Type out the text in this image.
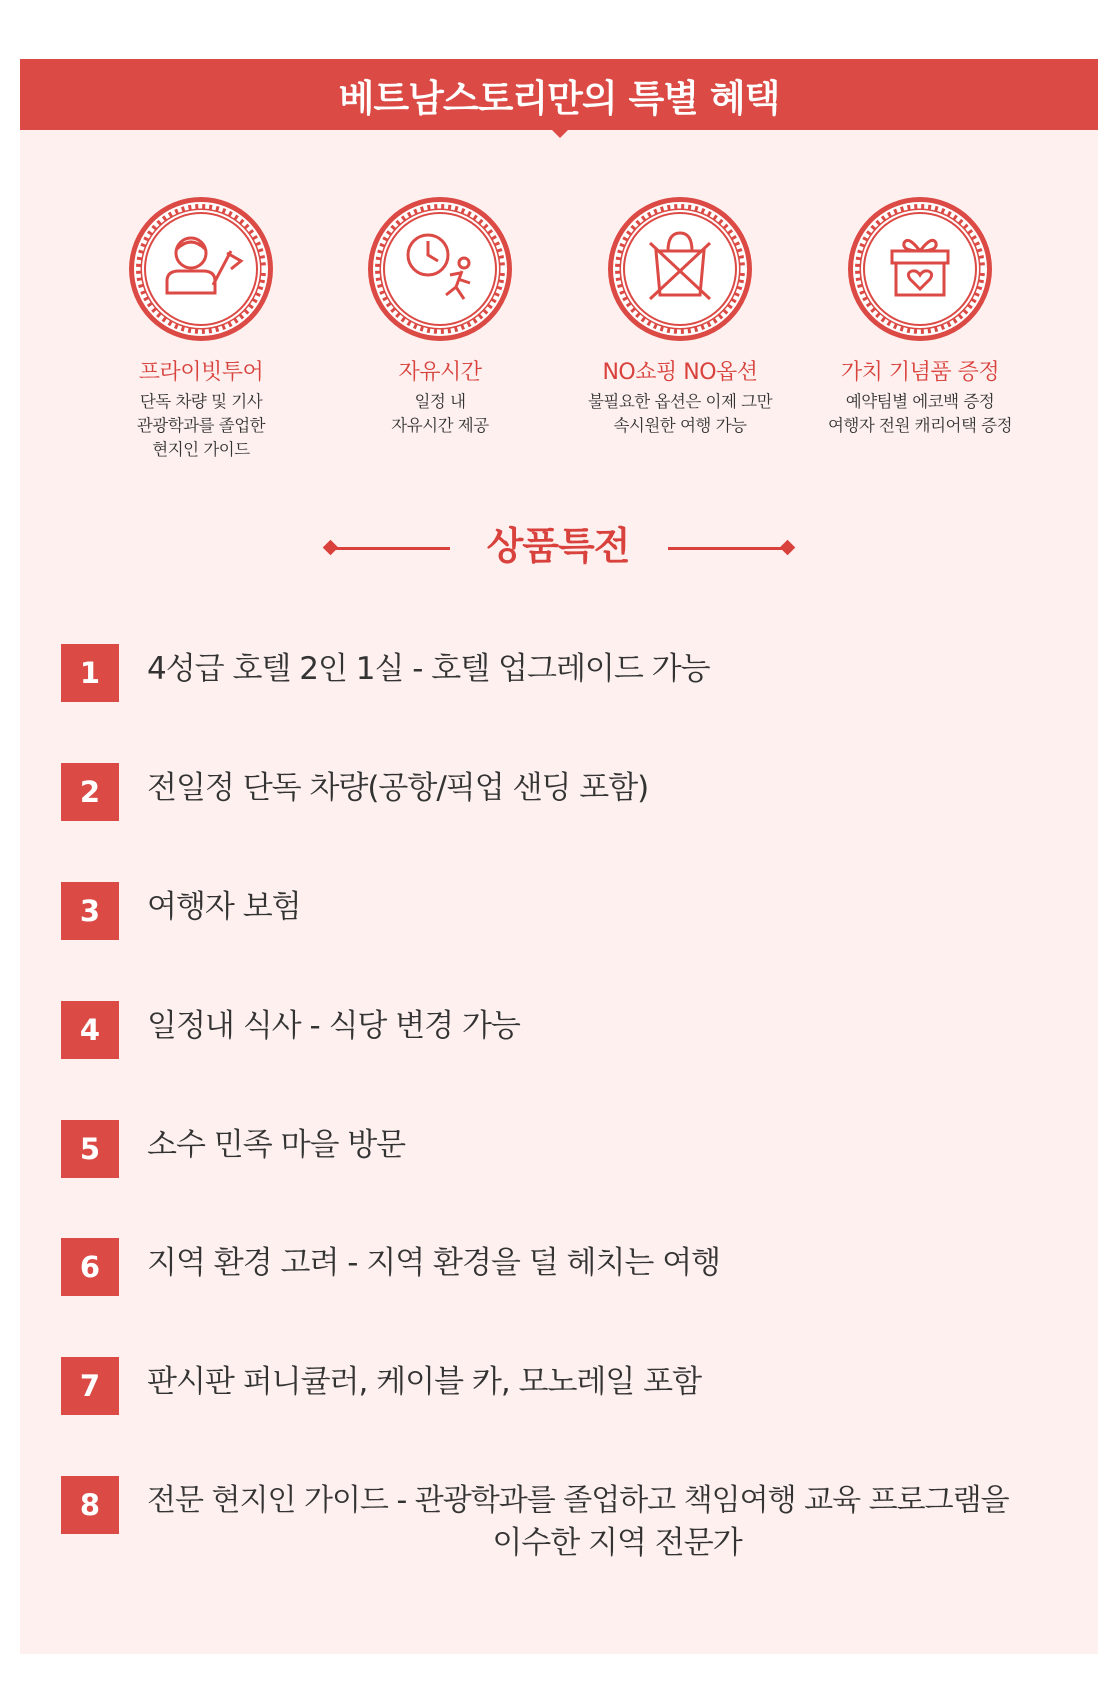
베트남스토리만의 특별 혜택
프라이빗투어
단독 차량 및 기사
관광학과를 졸업한
현지인 가이드
자유시간
일정 내
자유시간 제공
NO쇼핑 NO옵션
불필요한 옵션은 이제 그만
속시원한 여행 가능
가치 기념품 증정
예약팀별 에코백 증정
여행자 전원 캐리어택 증정
상품특전
1	4성급 호텔 2인 1실 - 호텔 업그레이드 가능
2	전일정 단독 차량(공항/픽업 샌딩 포함)
3	여행자 보험
4	일정내 식사 - 식당 변경 가능
5	소수 민족 마을 방문
6	지역 환경 고려 - 지역 환경을 덜 헤치는 여행
7	판시판 퍼니큘러, 케이블 카, 모노레일 포함
8	전문 현지인 가이드 - 관광학과를 졸업하고 책임여행 교육 프로그램을
이수한 지역 전문가
